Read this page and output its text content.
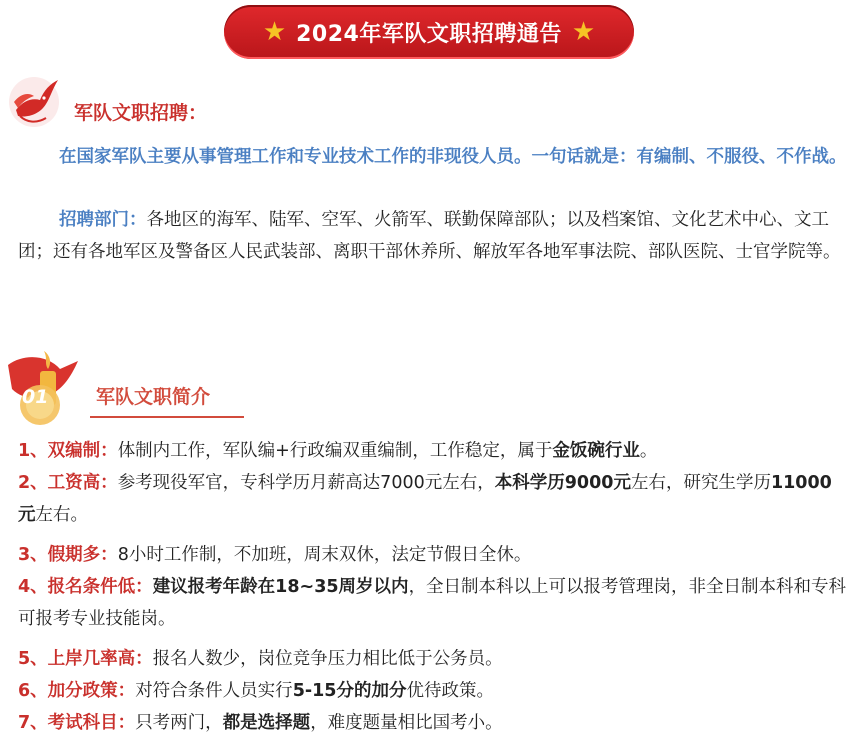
★ 2024年军队文职招聘通告 ★
军队文职招聘：
在国家军队主要从事管理工作和专业技术工作的非现役人员。一句话就是：有编制、不服役、不作战。
招聘部门：各地区的海军、陆军、空军、火箭军、联勤保障部队；以及档案馆、文化艺术中心、文工团；还有各地军区及警备区人民武装部、离职干部休养所、解放军各地军事法院、部队医院、士官学院等。
01	军队文职简介
1、双编制：体制内工作，军队编+行政编双重编制，工作稳定，属于金饭碗行业。
2、工资高：参考现役军官，专科学历月薪高达7000元左右，本科学历9000元左右，研究生学历11000元左右。
3、假期多：8小时工作制，不加班，周末双休，法定节假日全休。
4、报名条件低：建议报考年龄在18~35周岁以内，全日制本科以上可以报考管理岗，非全日制本科和专科可报考专业技能岗。
5、上岸几率高：报名人数少，岗位竞争压力相比低于公务员。
6、加分政策：对符合条件人员实行5-15分的加分优待政策。
7、考试科目：只考两门，都是选择题，难度题量相比国考小。
